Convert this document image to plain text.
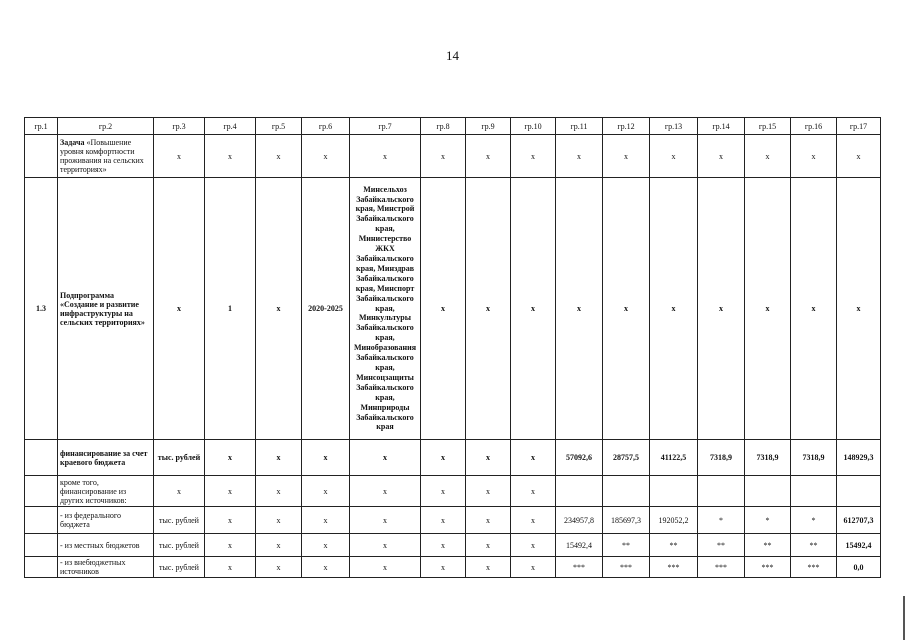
14
гр.1	гр.2	гр.3	гр.4	гр.5	гр.6	гр.7	гр.8	гр.9	гр.10	гр.11	гр.12	гр.13	гр.14	гр.15	гр.16	гр.17
	Задача «Повышение уровня комфортности проживания на сельских территориях»	x	x	x	x	x	x	x	x	x	x	x	x	x	x	x
1.3	Подпрограмма «Создание и развитие инфраструктуры на сельских территориях»	x	1	x	2020-2025	Минсельхоз Забайкальского края, Минстрой Забайкальского края, Министерство ЖКХ Забайкальского края, Минздрав Забайкальского края, Минспорт Забайкальского края, Минкультуры Забайкальского края, Минобразования Забайкальского края, Минсоцзащиты Забайкальского края, Минприроды Забайкальского края	x	x	x	x	x	x	x	x	x	x
	финансирование за счет краевого бюджета	тыс. рублей	x	x	x	x	x	x	x	57092,6	28757,5	41122,5	7318,9	7318,9	7318,9	148929,3
	кроме того, финансирование из других источников:	x	x	x	x	x	x	x	x							
	- из федерального бюджета	тыс. рублей	x	x	x	x	x	x	x	234957,8	185697,3	192052,2	*	*	*	612707,3
	- из местных бюджетов	тыс. рублей	x	x	x	x	x	x	x	15492,4	**	**	**	**	**	15492,4
	- из внебюджетных источников	тыс. рублей	x	x	x	x	x	x	x	***	***	***	***	***	***	0,0
